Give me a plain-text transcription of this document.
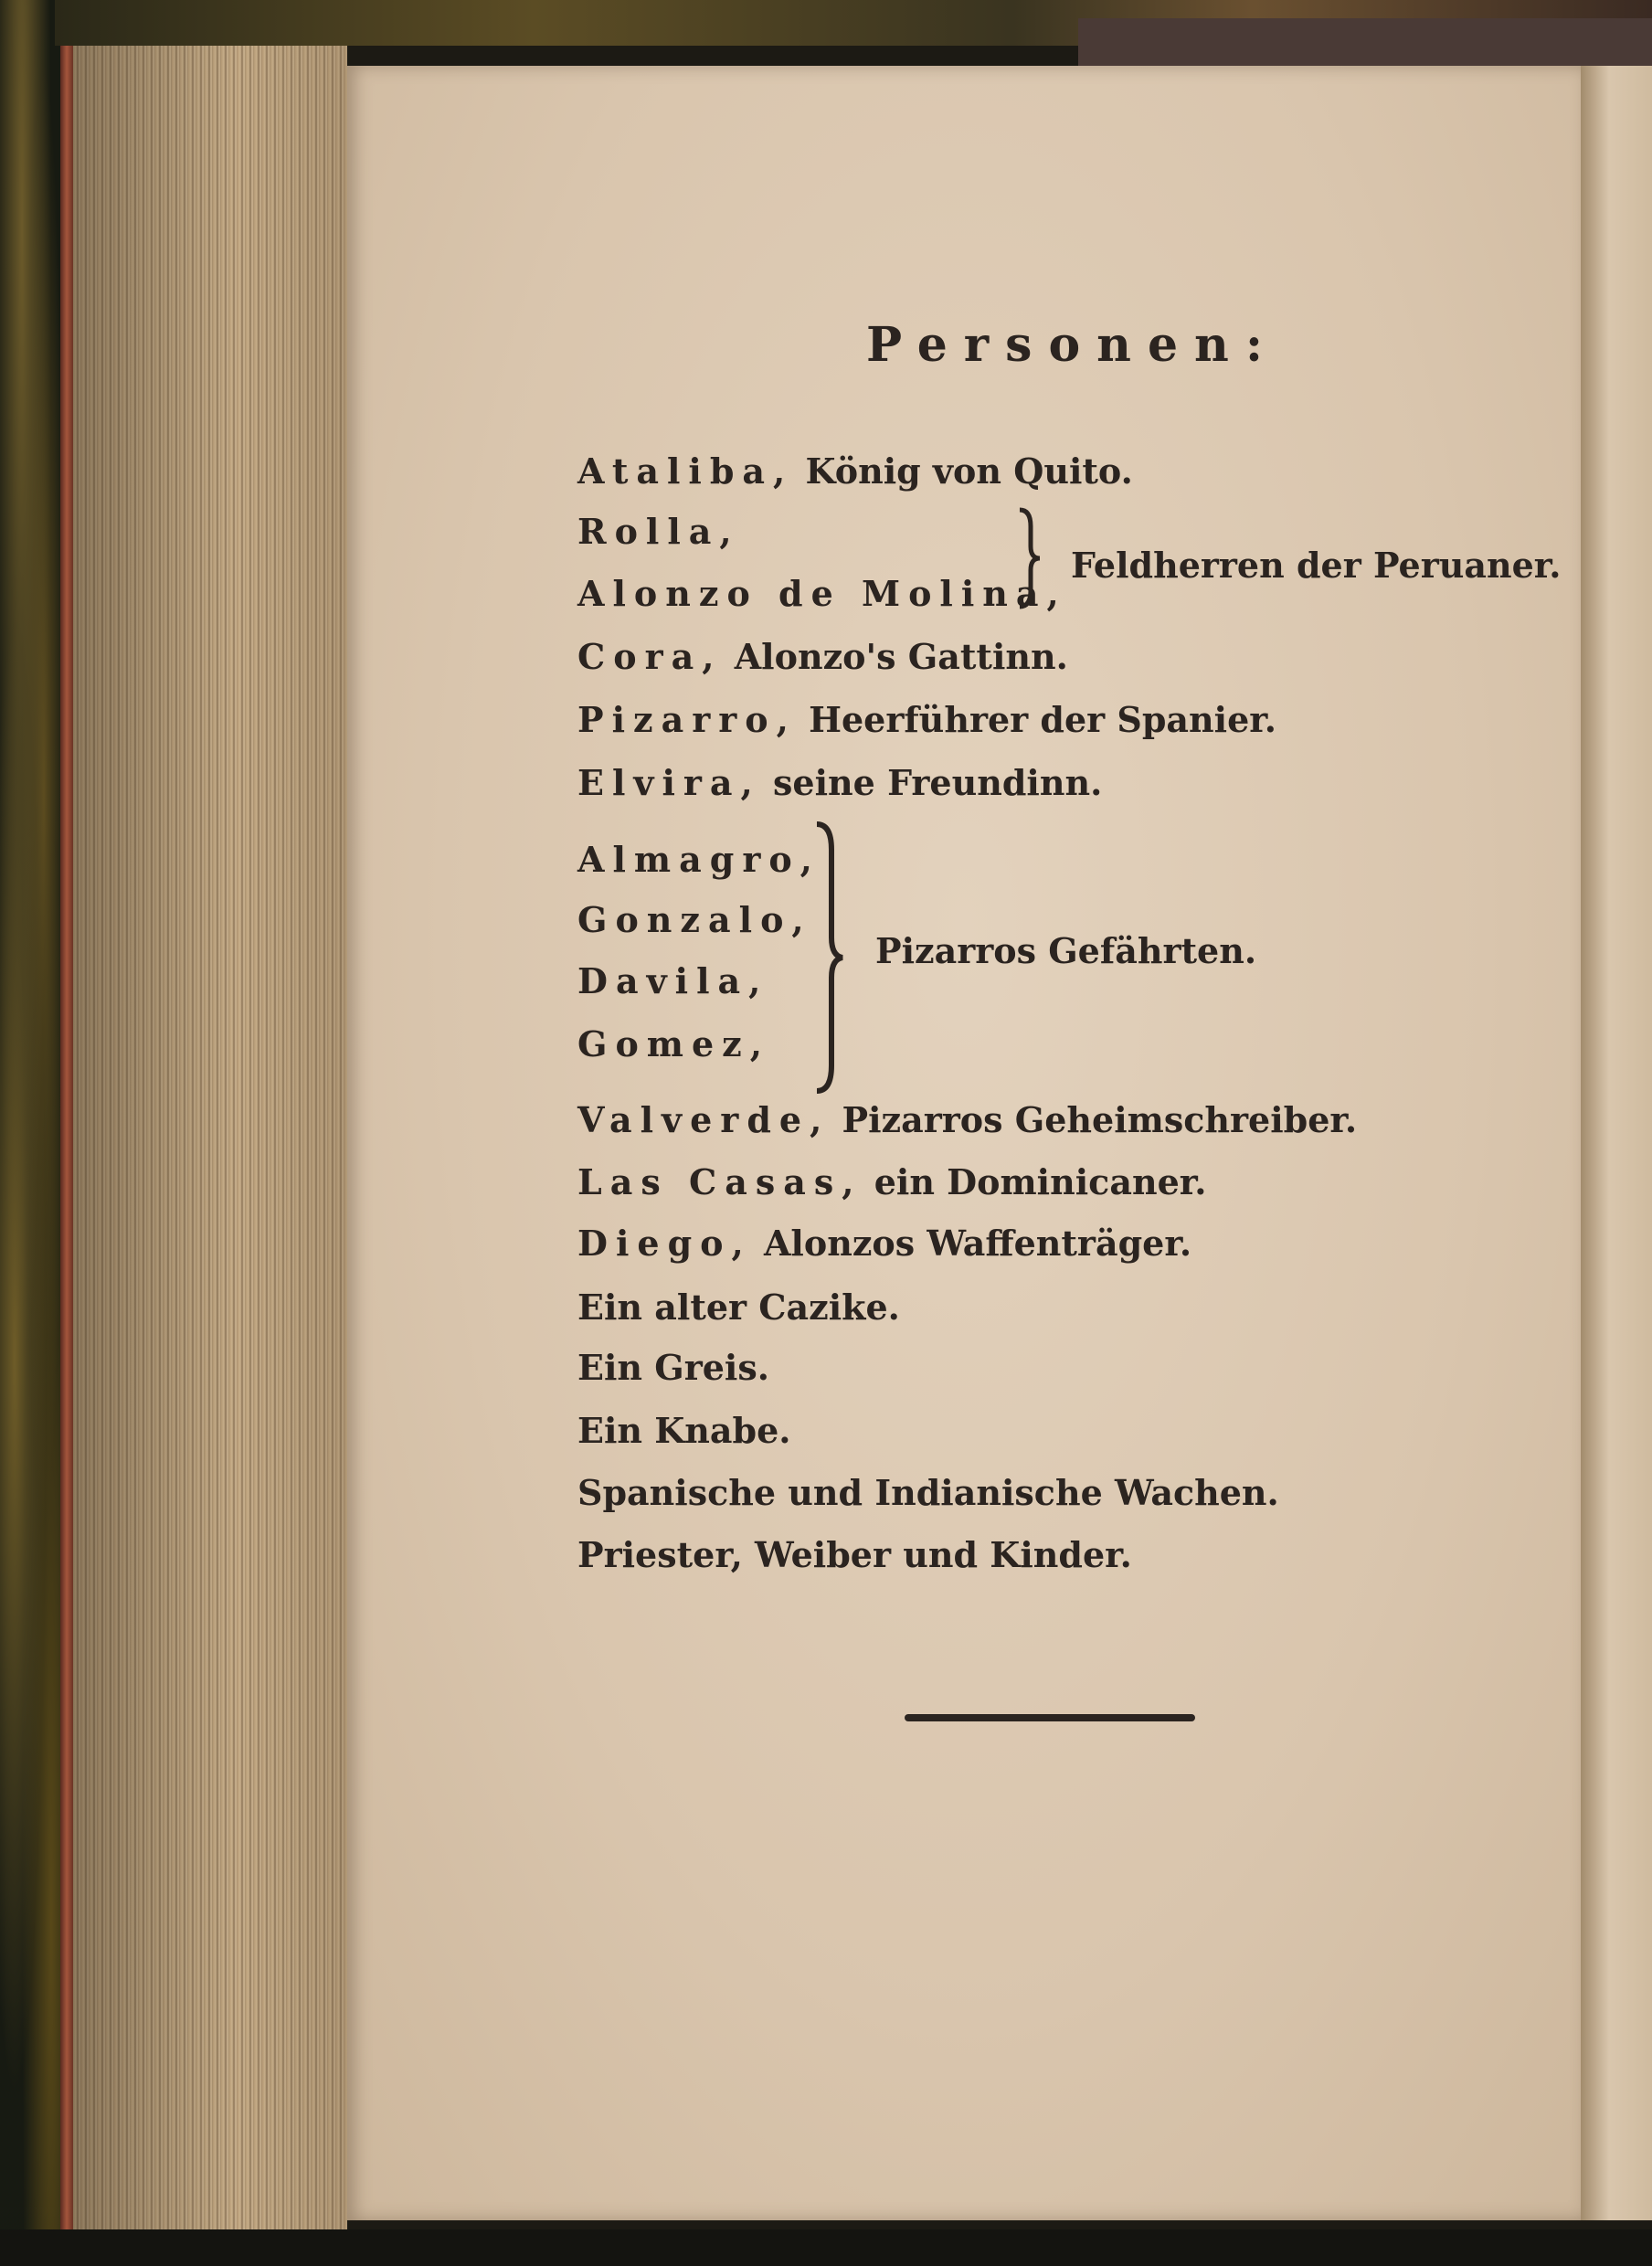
Personen:
Ataliba, König von Quito.
Rolla,
Alonzo de Molina,
Feldherren der Peruaner.
Cora, Alonzo's Gattinn.
Pizarro, Heerführer der Spanier.
Elvira, seine Freundinn.
Almagro,
Gonzalo,
Davila,
Gomez,
Pizarros Gefährten.
Valverde, Pizarros Geheimschreiber.
Las Casas, ein Dominicaner.
Diego, Alonzos Waffenträger.
Ein alter Cazike.
Ein Greis.
Ein Knabe.
Spanische und Indianische Wachen.
Priester, Weiber und Kinder.
